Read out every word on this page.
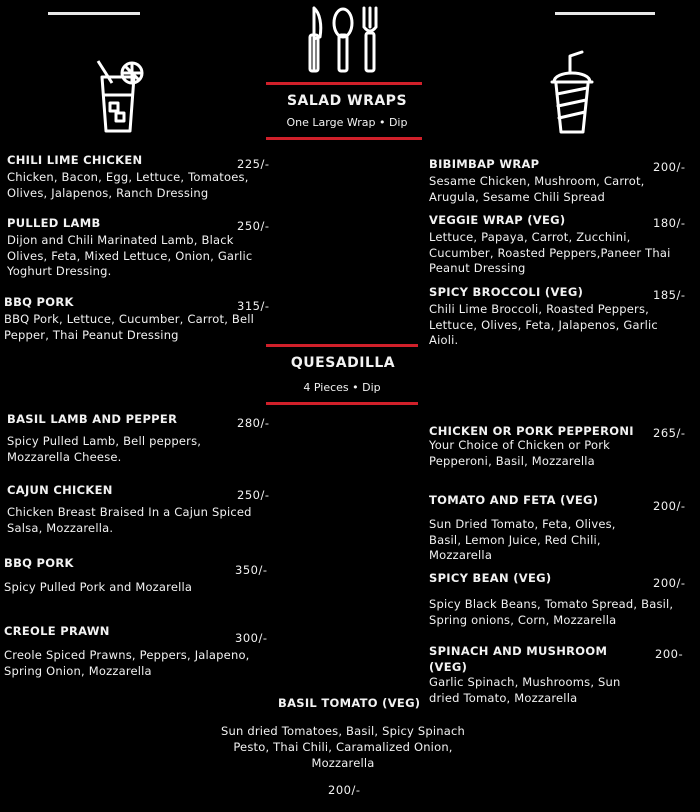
SALAD WRAPS
One Large Wrap • Dip
CHILI LIME CHICKEN
Chicken, Bacon, Egg, Lettuce, Tomatoes, Olives, Jalapenos, Ranch Dressing
225/-
PULLED LAMB
Dijon and Chili Marinated Lamb, Black Olives, Feta, Mixed Lettuce, Onion, Garlic Yoghurt Dressing.
250/-
BBQ PORK
BBQ Pork, Lettuce, Cucumber, Carrot, Bell Pepper, Thai Peanut Dressing
315/-
BIBIMBAP WRAP
Sesame Chicken, Mushroom, Carrot, Arugula, Sesame Chili Spread
200/-
VEGGIE WRAP (VEG)
Lettuce, Papaya, Carrot, Zucchini, Cucumber, Roasted Peppers,Paneer Thai Peanut Dressing
180/-
SPICY BROCCOLI (VEG)
Chili Lime Broccoli, Roasted Peppers, Lettuce, Olives, Feta, Jalapenos, Garlic Aioli.
185/-
QUESADILLA
4 Pieces • Dip
BASIL LAMB AND PEPPER
Spicy Pulled Lamb, Bell peppers, Mozzarella Cheese.
280/-
CAJUN CHICKEN
Chicken Breast Braised In a Cajun Spiced Salsa, Mozzarella.
250/-
BBQ PORK
Spicy Pulled Pork and Mozarella
350/-
CREOLE PRAWN
Creole Spiced Prawns, Peppers, Jalapeno, Spring Onion, Mozzarella
300/-
CHICKEN OR PORK PEPPERONI
Your Choice of Chicken or Pork Pepperoni, Basil, Mozzarella
265/-
TOMATO AND FETA (VEG)
Sun Dried Tomato, Feta, Olives, Basil, Lemon Juice, Red Chili, Mozzarella
200/-
SPICY BEAN (VEG)
Spicy Black Beans, Tomato Spread, Basil, Spring onions, Corn, Mozzarella
200/-
SPINACH AND MUSHROOM (VEG)
Garlic Spinach, Mushrooms, Sun dried Tomato, Mozzarella
200-
BASIL TOMATO (VEG)
Sun dried Tomatoes, Basil, Spicy Spinach Pesto, Thai Chili, Caramalized Onion, Mozzarella
200/-
